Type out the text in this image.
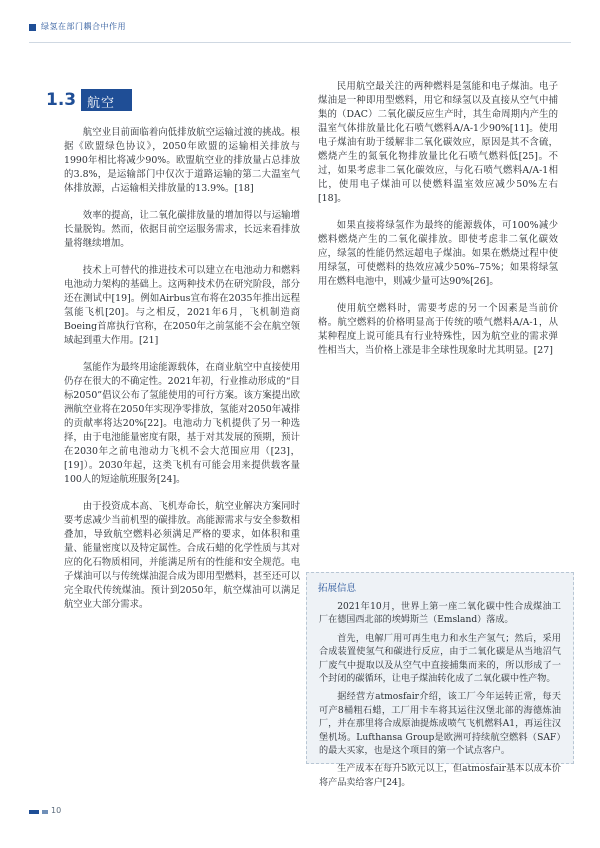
绿氢在部门耦合中作用
1.3 航空

航空业目前面临着向低排放航空运输过渡的挑战。根据《欧盟绿色协议》，2050年欧盟的运输相关排放与1990年相比将减少90%。欧盟航空业的排放量占总排放的3.8%，是运输部门中仅次于道路运输的第二大温室气体排放源，占运输相关排放量的13.9%。[18]

效率的提高，让二氧化碳排放量的增加得以与运输增长量脱钩。然而，依据目前空运服务需求，长远来看排放量将继续增加。

技术上可替代的推进技术可以建立在电池动力和燃料电池动力架构的基础上。这两种技术仍在研究阶段，部分还在测试中[19]。例如Airbus宣布将在2035年推出远程氢能飞机[20]。与之相反，2021年6月，飞机制造商Boeing首席执行官称，在2050年之前氢能不会在航空领域起到重大作用。[21]

氢能作为最终用途能源载体，在商业航空中直接使用仍存在很大的不确定性。2021年初，行业推动形成的“目标2050”倡议公布了氢能使用的可行方案。该方案提出欧洲航空业将在2050年实现净零排放，氢能对2050年减排的贡献率将达20%[22]。电池动力飞机提供了另一种选择，由于电池能量密度有限，基于对其发展的预期，预计在2030年之前电池动力飞机不会大范围应用（[23]，[19]）。2030年起，这类飞机有可能会用来提供载客量100人的短途航班服务[24]。

由于投资成本高、飞机寿命长，航空业解决方案同时要考虑减少当前机型的碳排放。高能源需求与安全参数相叠加，导致航空燃料必须满足严格的要求，如体积和重量、能量密度以及特定属性。合成石蜡的化学性质与其对应的化石物质相同，并能满足所有的性能和安全规范。电子煤油可以与传统煤油混合成为即用型燃料，甚至还可以完全取代传统煤油。预计到2050年，航空煤油可以满足航空业大部分需求。

民用航空最关注的两种燃料是氢能和电子煤油。电子煤油是一种即用型燃料，用它和绿氢以及直接从空气中捕集的（DAC）二氧化碳反应生产时，其生命周期内产生的温室气体排放量比化石喷气燃料A/A-1少90%[11]。使用电子煤油有助于缓解非二氧化碳效应，原因是其不含硫，燃烧产生的氮氧化物排放量比化石喷气燃料低[25]。不过，如果考虑非二氧化碳效应，与化石喷气燃料A/A-1相比，使用电子煤油可以使燃料温室效应减少50%左右[18]。

如果直接将绿氢作为最终的能源载体，可100%减少燃料燃烧产生的二氧化碳排放。即使考虑非二氧化碳效应，绿氢的性能仍然远超电子煤油。如果在燃烧过程中使用绿氢，可使燃料的热效应减少50%–75%；如果将绿氢用在燃料电池中，则减少量可达90%[26]。

使用航空燃料时，需要考虑的另一个因素是当前价格。航空燃料的价格明显高于传统的喷气燃料A/A-1，从某种程度上说可能具有行业特殊性，因为航空业的需求弹性相当大，当价格上涨是非全球性现象时尤其明显。[27]

拓展信息

2021年10月，世界上第一座二氧化碳中性合成煤油工厂在德国西北部的埃姆斯兰（Emsland）落成。

首先，电解厂用可再生电力和水生产氢气；然后，采用合成装置使氢气和碳进行反应，由于二氧化碳是从当地沼气厂废气中提取以及从空气中直接捕集而来的，所以形成了一个封闭的碳循环，让电子煤油转化成了二氧化碳中性产物。

据经营方atmosfair介绍，该工厂今年运转正常，每天可产8桶粗石蜡，工厂用卡车将其运往汉堡北部的海德炼油厂，并在那里将合成原油提炼成喷气飞机燃料A1，再运往汉堡机场。Lufthansa Group是欧洲可持续航空燃料（SAF）的最大买家，也是这个项目的第一个试点客户。

生产成本在每升5欧元以上，但atmosfair基本以成本价将产品卖给客户[24]。

10
